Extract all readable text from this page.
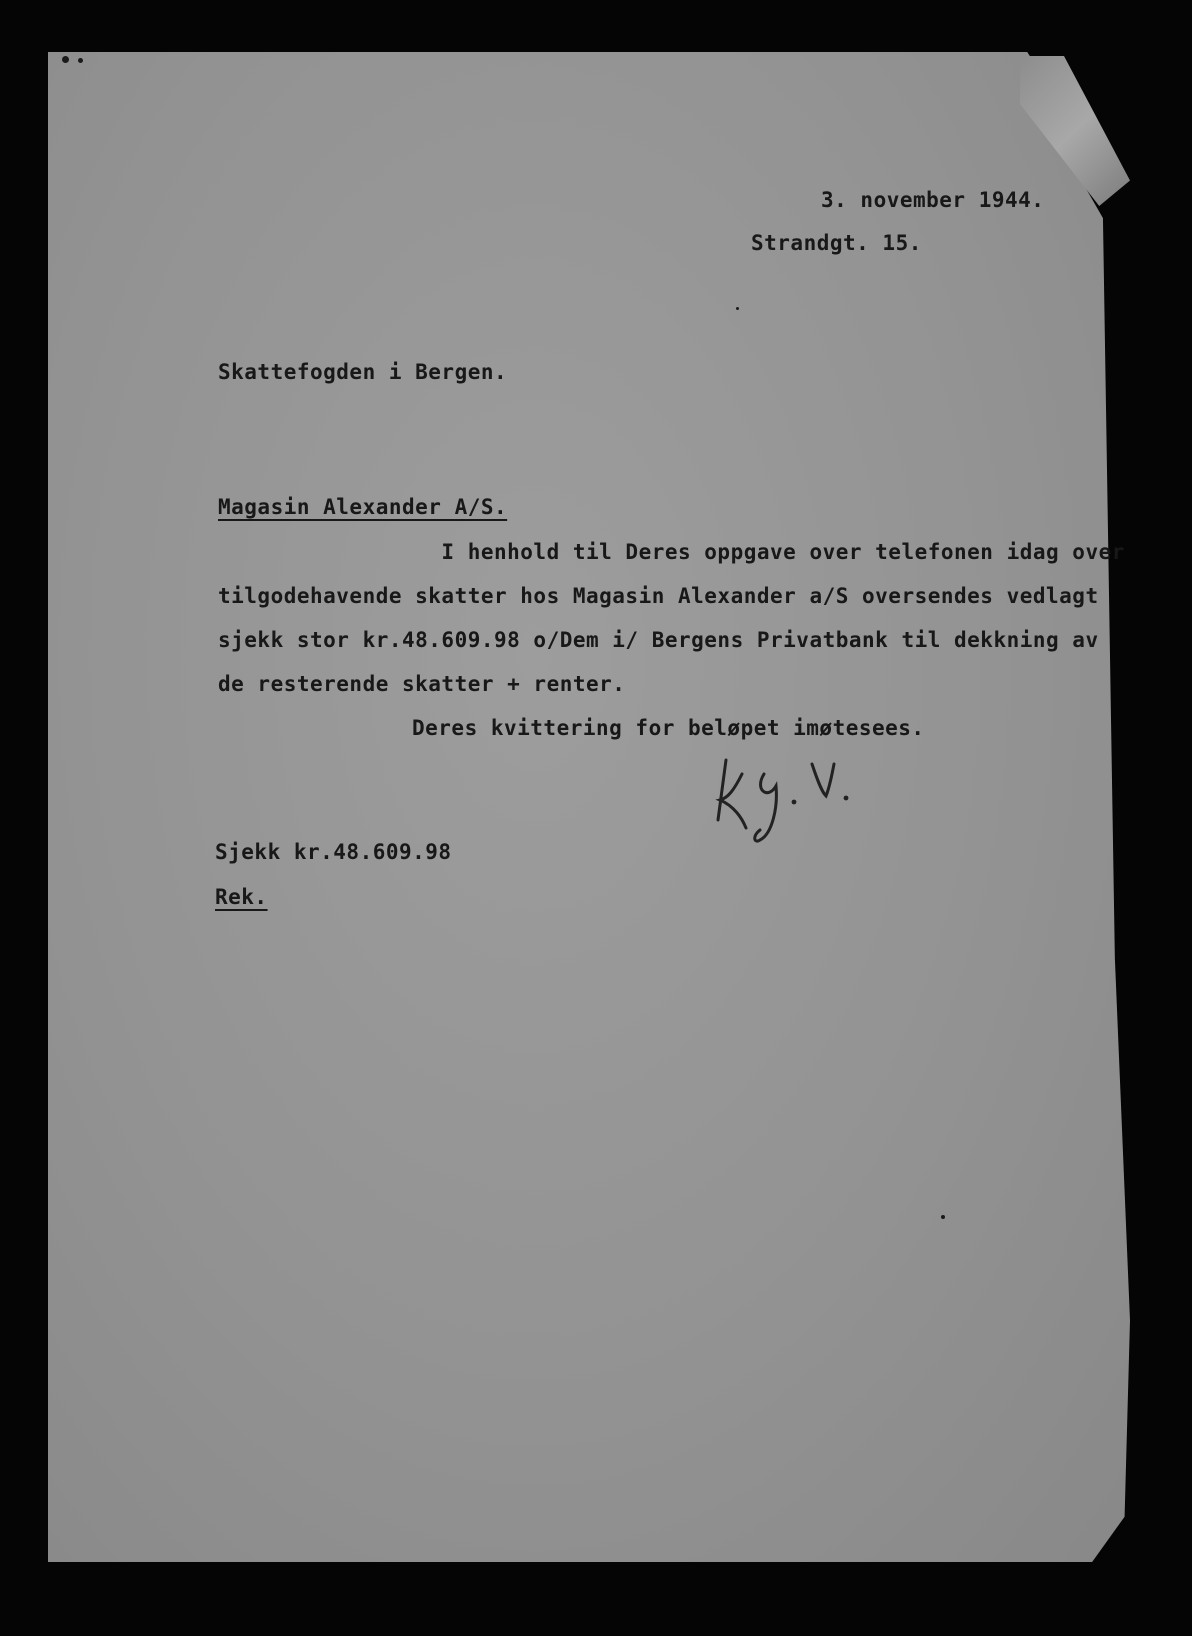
3. november 1944.
Strandgt. 15.
Skattefogden i Bergen.
Magasin Alexander A/S.
I henhold til Deres oppgave over telefonen idag over
tilgodehavende skatter hos Magasin Alexander a/S oversendes vedlagt
sjekk stor kr.48.609.98 o/Dem i/ Bergens Privatbank til dekkning av
de resterende skatter + renter.
Deres kvittering for beløpet imøtesees.
Sjekk kr.48.609.98
Rek.
